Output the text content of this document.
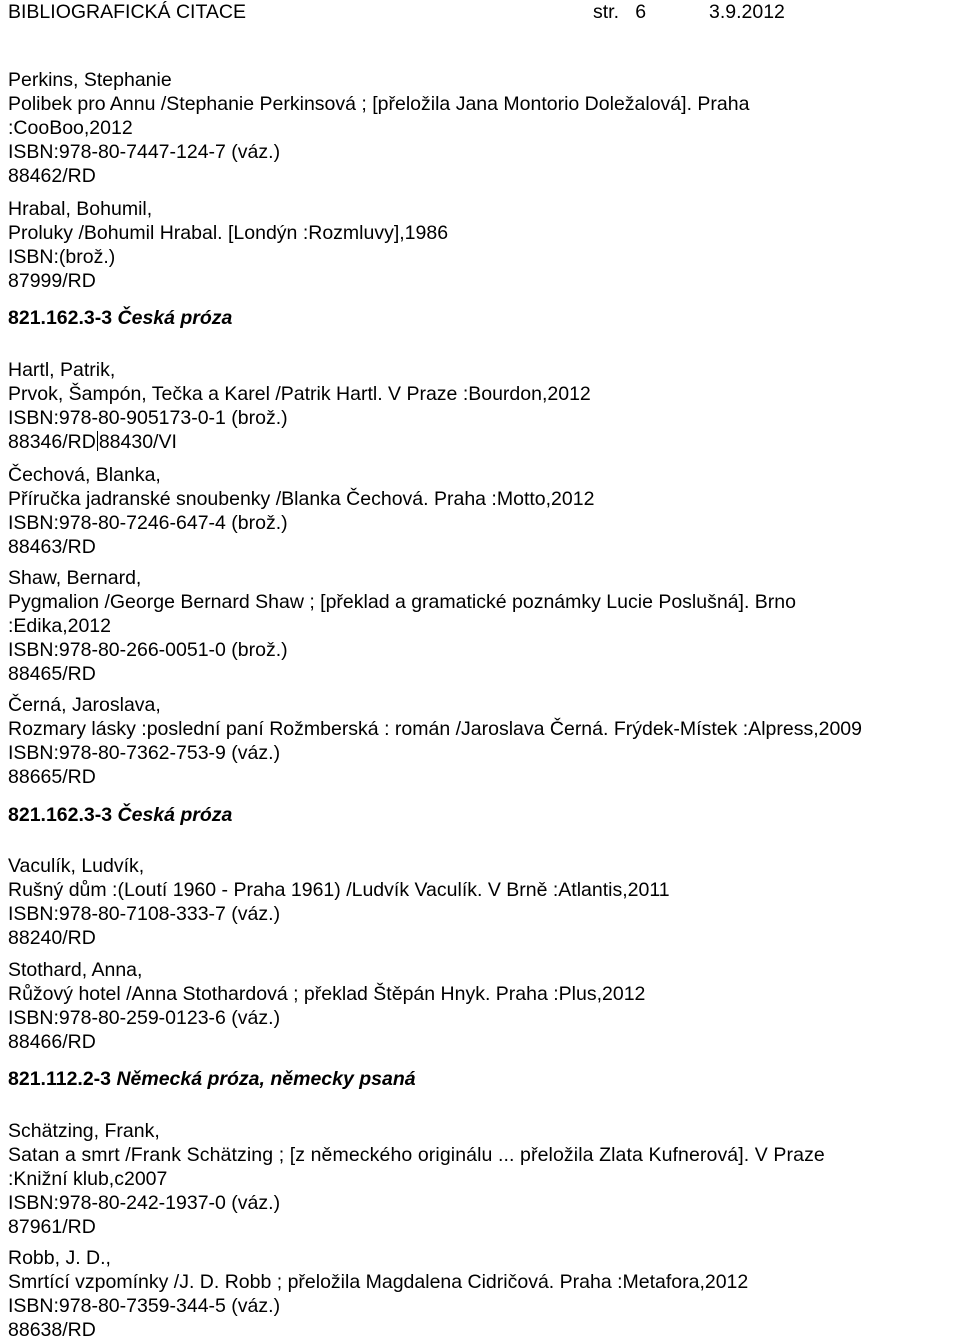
BIBLIOGRAFICKÁ CITACE	str.   6	3.9.2012
Perkins, Stephanie
Polibek pro Annu /Stephanie Perkinsová ; [přeložila Jana Montorio Doležalová]. Praha
:CooBoo,2012
ISBN:978-80-7447-124-7 (váz.)
88462/RD
Hrabal, Bohumil,
Proluky /Bohumil Hrabal. [Londýn :Rozmluvy],1986
ISBN:(brož.)
87999/RD
821.162.3-3 Česká próza
Hartl, Patrik,
Prvok, Šampón, Tečka a Karel /Patrik Hartl. V Praze :Bourdon,2012
ISBN:978-80-905173-0-1 (brož.)
88346/RD 88430/VI
Čechová, Blanka,
Příručka jadranské snoubenky /Blanka Čechová. Praha :Motto,2012
ISBN:978-80-7246-647-4 (brož.)
88463/RD
Shaw, Bernard,
Pygmalion /George Bernard Shaw ; [překlad a gramatické poznámky Lucie Poslušná]. Brno
:Edika,2012
ISBN:978-80-266-0051-0 (brož.)
88465/RD
Černá, Jaroslava,
Rozmary lásky :poslední paní Rožmberská : román /Jaroslava Černá. Frýdek-Místek :Alpress,2009
ISBN:978-80-7362-753-9 (váz.)
88665/RD
821.162.3-3 Česká próza
Vaculík, Ludvík,
Rušný dům :(Loutí 1960 - Praha 1961) /Ludvík Vaculík. V Brně :Atlantis,2011
ISBN:978-80-7108-333-7 (váz.)
88240/RD
Stothard, Anna,
Růžový hotel /Anna Stothardová ; překlad Štěpán Hnyk. Praha :Plus,2012
ISBN:978-80-259-0123-6 (váz.)
88466/RD
821.112.2-3 Německá próza, německy psaná
Schätzing, Frank,
Satan a smrt /Frank Schätzing ; [z německého originálu ... přeložila Zlata Kufnerová]. V Praze
:Knižní klub,c2007
ISBN:978-80-242-1937-0 (váz.)
87961/RD
Robb, J. D.,
Smrtící vzpomínky /J. D. Robb ; přeložila Magdalena Cidričová. Praha :Metafora,2012
ISBN:978-80-7359-344-5 (váz.)
88638/RD
